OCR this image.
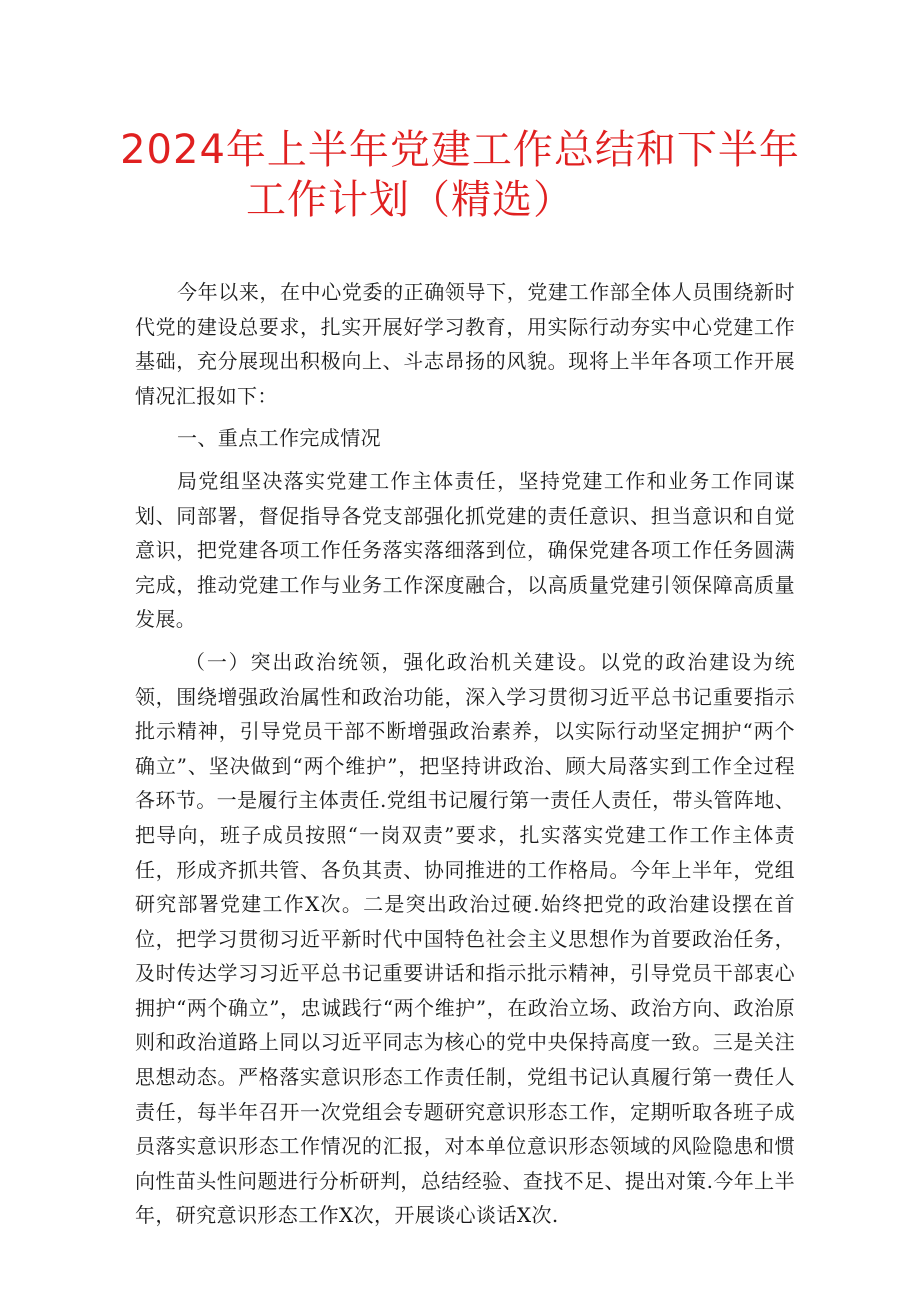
2024年上半年党建工作总结和下半年
工作计划（精选）

今年以来，在中心党委的正确领导下，党建工作部全体人员围绕新时代党的建设总要求，扎实开展好学习教育，用实际行动夯实中心党建工作基础，充分展现出积极向上、斗志昂扬的风貌。现将上半年各项工作开展情况汇报如下：

一、重点工作完成情况

局党组坚决落实党建工作主体责任，坚持党建工作和业务工作同谋划、同部署，督促指导各党支部强化抓党建的责任意识、担当意识和自觉意识，把党建各项工作任务落实落细落到位，确保党建各项工作任务圆满完成，推动党建工作与业务工作深度融合，以高质量党建引领保障高质量发展。

（一）突出政治统领，强化政治机关建设。以党的政治建设为统领，围绕增强政治属性和政治功能，深入学习贯彻习近平总书记重要指示批示精神，引导党员干部不断增强政治素养，以实际行动坚定拥护“两个确立”、坚决做到“两个维护”，把坚持讲政治、顾大局落实到工作全过程各环节。一是履行主体责任.党组书记履行第一责任人责任，带头管阵地、把导向，班子成员按照“一岗双责”要求，扎实落实党建工作工作主体责任，形成齐抓共管、各负其责、协同推进的工作格局。今年上半年，党组研究部署党建工作X次。二是突出政治过硬.始终把党的政治建设摆在首位，把学习贯彻习近平新时代中国特色社会主义思想作为首要政治任务，及时传达学习习近平总书记重要讲话和指示批示精神，引导党员干部衷心拥护“两个确立”，忠诚践行“两个维护”，在政治立场、政治方向、政治原则和政治道路上同以习近平同志为核心的党中央保持高度一致。三是关注思想动态。严格落实意识形态工作责任制，党组书记认真履行第一费任人责任，每半年召开一次党组会专题研究意识形态工作，定期听取各班子成员落实意识形态工作情况的汇报，对本单位意识形态领域的风险隐患和惯向性苗头性问题进行分析研判，总结经验、查找不足、提出对策.今年上半年，研究意识形态工作X次，开展谈心谈话X次.
